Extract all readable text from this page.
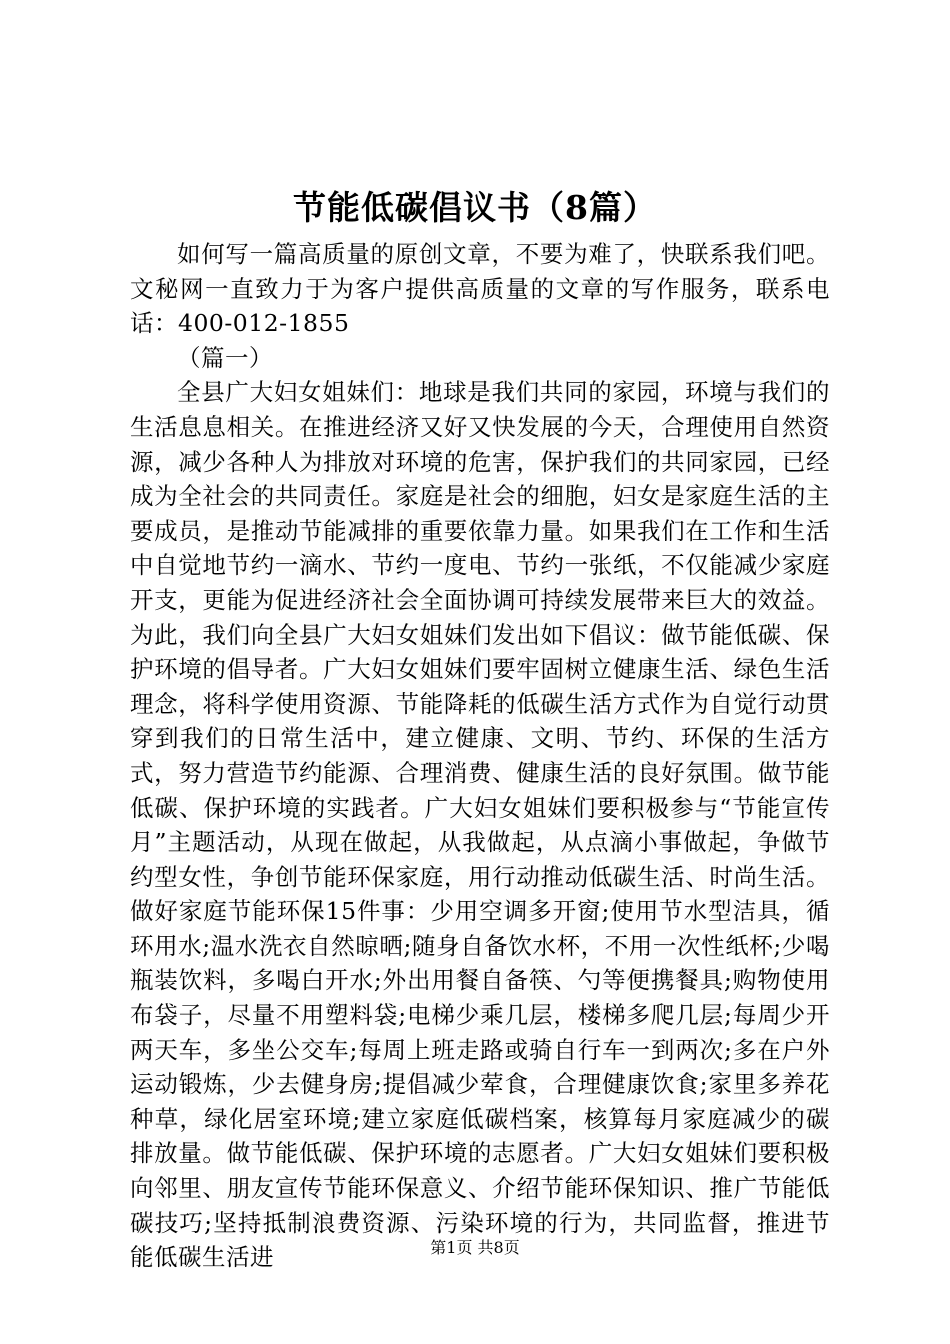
节能低碳倡议书（8篇）

如何写一篇高质量的原创文章，不要为难了，快联系我们吧。文秘网一直致力于为客户提供高质量的文章的写作服务，联系电话：400-012-1855

（篇一）

全县广大妇女姐妹们：地球是我们共同的家园，环境与我们的生活息息相关。在推进经济又好又快发展的今天，合理使用自然资源，减少各种人为排放对环境的危害，保护我们的共同家园，已经成为全社会的共同责任。家庭是社会的细胞，妇女是家庭生活的主要成员，是推动节能减排的重要依靠力量。如果我们在工作和生活中自觉地节约一滴水、节约一度电、节约一张纸，不仅能减少家庭开支，更能为促进经济社会全面协调可持续发展带来巨大的效益。为此，我们向全县广大妇女姐妹们发出如下倡议：做节能低碳、保护环境的倡导者。广大妇女姐妹们要牢固树立健康生活、绿色生活理念，将科学使用资源、节能降耗的低碳生活方式作为自觉行动贯穿到我们的日常生活中，建立健康、文明、节约、环保的生活方式，努力营造节约能源、合理消费、健康生活的良好氛围。做节能低碳、保护环境的实践者。广大妇女姐妹们要积极参与“节能宣传月”主题活动，从现在做起，从我做起，从点滴小事做起，争做节约型女性，争创节能环保家庭，用行动推动低碳生活、时尚生活。做好家庭节能环保15件事：少用空调多开窗;使用节水型洁具，循环用水;温水洗衣自然晾晒;随身自备饮水杯，不用一次性纸杯;少喝瓶装饮料，多喝白开水;外出用餐自备筷、勺等便携餐具;购物使用布袋子，尽量不用塑料袋;电梯少乘几层，楼梯多爬几层;每周少开两天车，多坐公交车;每周上班走路或骑自行车一到两次;多在户外运动锻炼，少去健身房;提倡减少荤食，合理健康饮食;家里多养花种草，绿化居室环境;建立家庭低碳档案，核算每月家庭减少的碳排放量。做节能低碳、保护环境的志愿者。广大妇女姐妹们要积极向邻里、朋友宣传节能环保意义、介绍节能环保知识、推广节能低碳技巧;坚持抵制浪费资源、污染环境的行为，共同监督，推进节能低碳生活进	第1页 共8页
